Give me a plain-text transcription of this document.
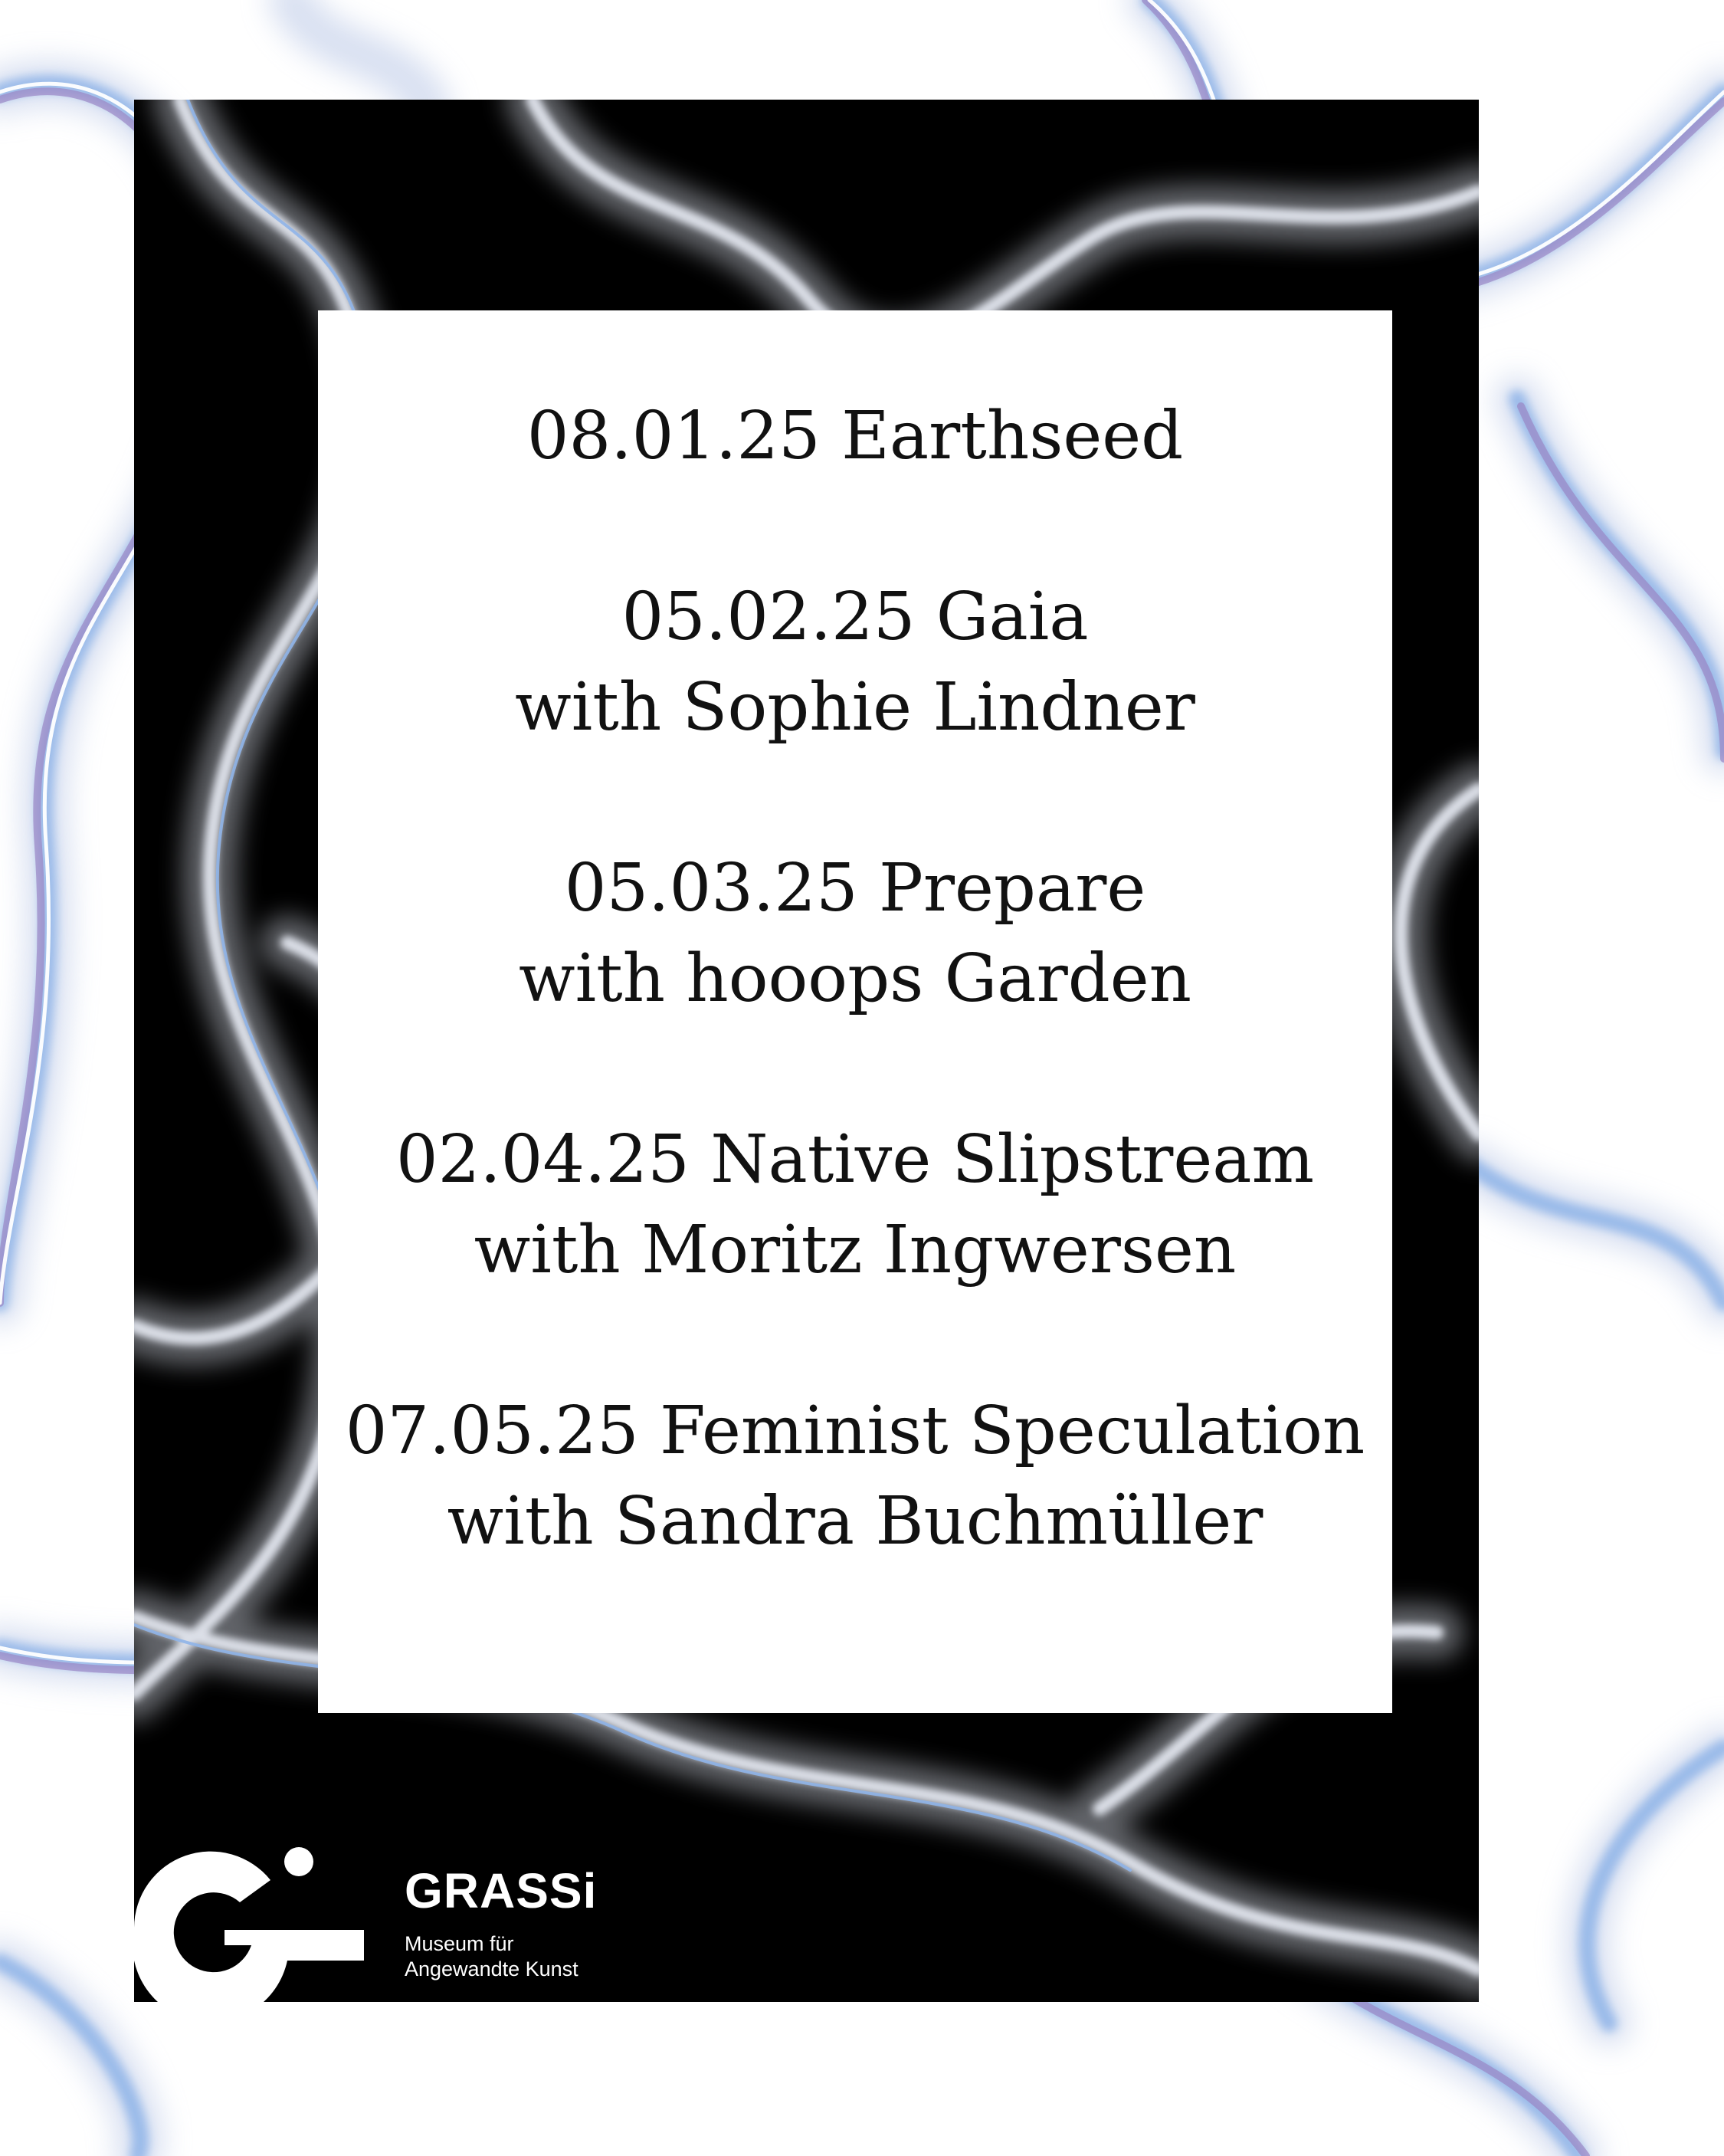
08.01.25 Earthseed
05.02.25 Gaia
with Sophie Lindner
05.03.25 Prepare
with hooops Garden
02.04.25 Native Slipstream
with Moritz Ingwersen
07.05.25 Feminist Speculation
with Sandra Buchmüller
GRASSi
Museum für
Angewandte Kunst
